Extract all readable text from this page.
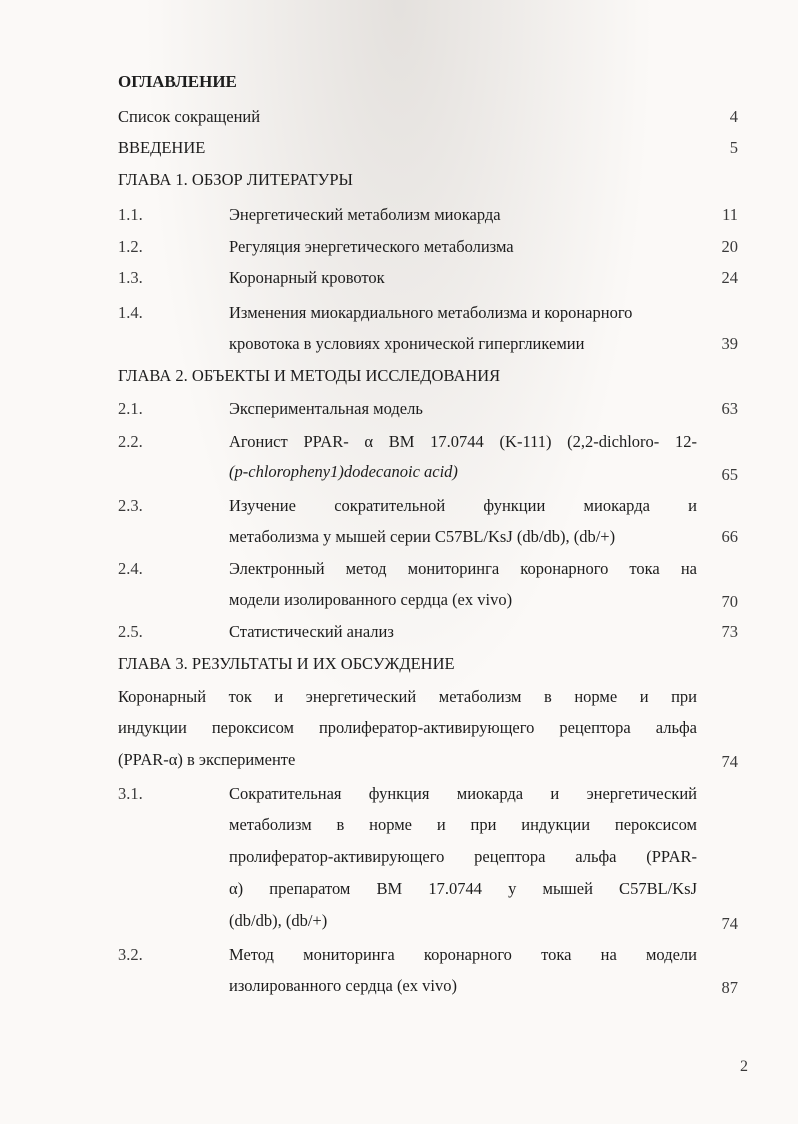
ОГЛАВЛЕНИЕ
Список сокращений	4
ВВЕДЕНИЕ	5
ГЛАВА 1. ОБЗОР ЛИТЕРАТУРЫ
1.1.	Энергетический метаболизм миокарда	11
1.2.	Регуляция энергетического метаболизма	20
1.3.	Коронарный кровоток	24
1.4.	Изменения миокардиального метаболизма и коронарного
кровотока в условиях хронической гипергликемии	39
ГЛАВА 2. ОБЪЕКТЫ И МЕТОДЫ ИССЛЕДОВАНИЯ
2.1.	Экспериментальная модель	63
2.2.	Агонист PPAR- α BM 17.0744 (K-111) (2,2-dichloro- 12-
(p-chloropheny1)dodecanoic acid)	65
2.3.	Изучение сократительной функции миокарда и
метаболизма у мышей серии C57BL/KsJ (db/db), (db/+)	66
2.4.	Электронный метод мониторинга коронарного тока на
модели изолированного сердца (ex vivo)	70
2.5.	Статистический анализ	73
ГЛАВА 3. РЕЗУЛЬТАТЫ И ИХ ОБСУЖДЕНИЕ
Коронарный ток и энергетический метаболизм в норме и при
индукции пероксисом пролифератор-активирующего рецептора альфа
(PPAR-α) в эксперименте	74
3.1.	Сократительная функция миокарда и энергетический
метаболизм в норме и при индукции пероксисом
пролифератор-активирующего рецептора альфа (PPAR-
α) препаратом BM 17.0744 у мышей C57BL/KsJ
(db/db), (db/+)	74
3.2.	Метод мониторинга коронарного тока на модели
изолированного сердца (ex vivo)	87
2
